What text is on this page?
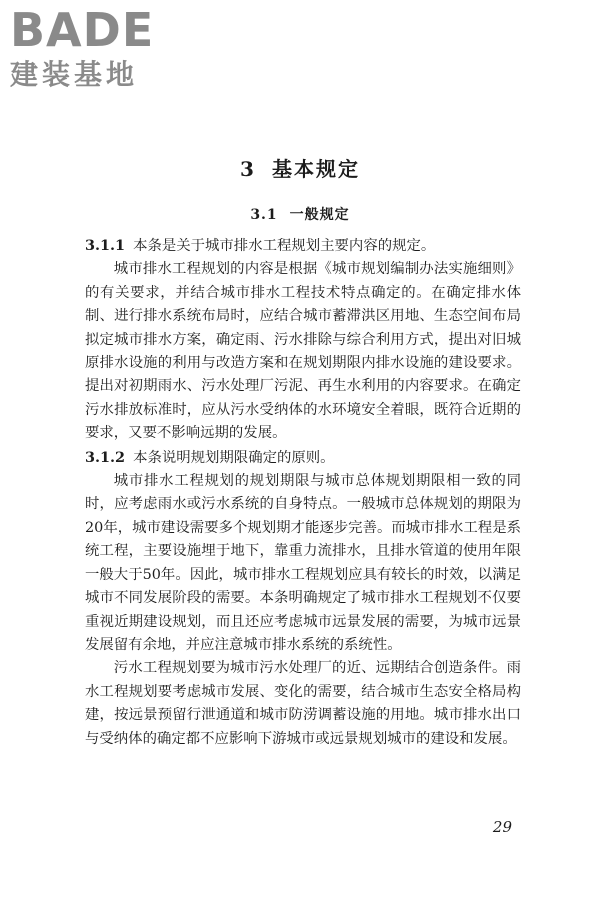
BADE
建装基地
3 基本规定
3.1 一般规定

3.1.1 本条是关于城市排水工程规划主要内容的规定。

城市排水工程规划的内容是根据《城市规划编制办法实施细则》的有关要求，并结合城市排水工程技术特点确定的。在确定排水体制、进行排水系统布局时，应结合城市蓄滞洪区用地、生态空间布局拟定城市排水方案，确定雨、污水排除与综合利用方式，提出对旧城原排水设施的利用与改造方案和在规划期限内排水设施的建设要求。提出对初期雨水、污水处理厂污泥、再生水利用的内容要求。在确定污水排放标准时，应从污水受纳体的水环境安全着眼，既符合近期的要求，又要不影响远期的发展。

3.1.2 本条说明规划期限确定的原则。

城市排水工程规划的规划期限与城市总体规划期限相一致的同时，应考虑雨水或污水系统的自身特点。一般城市总体规划的期限为20年，城市建设需要多个规划期才能逐步完善。而城市排水工程是系统工程，主要设施埋于地下，靠重力流排水，且排水管道的使用年限一般大于50年。因此，城市排水工程规划应具有较长的时效，以满足城市不同发展阶段的需要。本条明确规定了城市排水工程规划不仅要重视近期建设规划，而且还应考虑城市远景发展的需要，为城市远景发展留有余地，并应注意城市排水系统的系统性。

污水工程规划要为城市污水处理厂的近、远期结合创造条件。雨水工程规划要考虑城市发展、变化的需要，结合城市生态安全格局构建，按远景预留行泄通道和城市防涝调蓄设施的用地。城市排水出口与受纳体的确定都不应影响下游城市或远景规划城市的建设和发展。

29
